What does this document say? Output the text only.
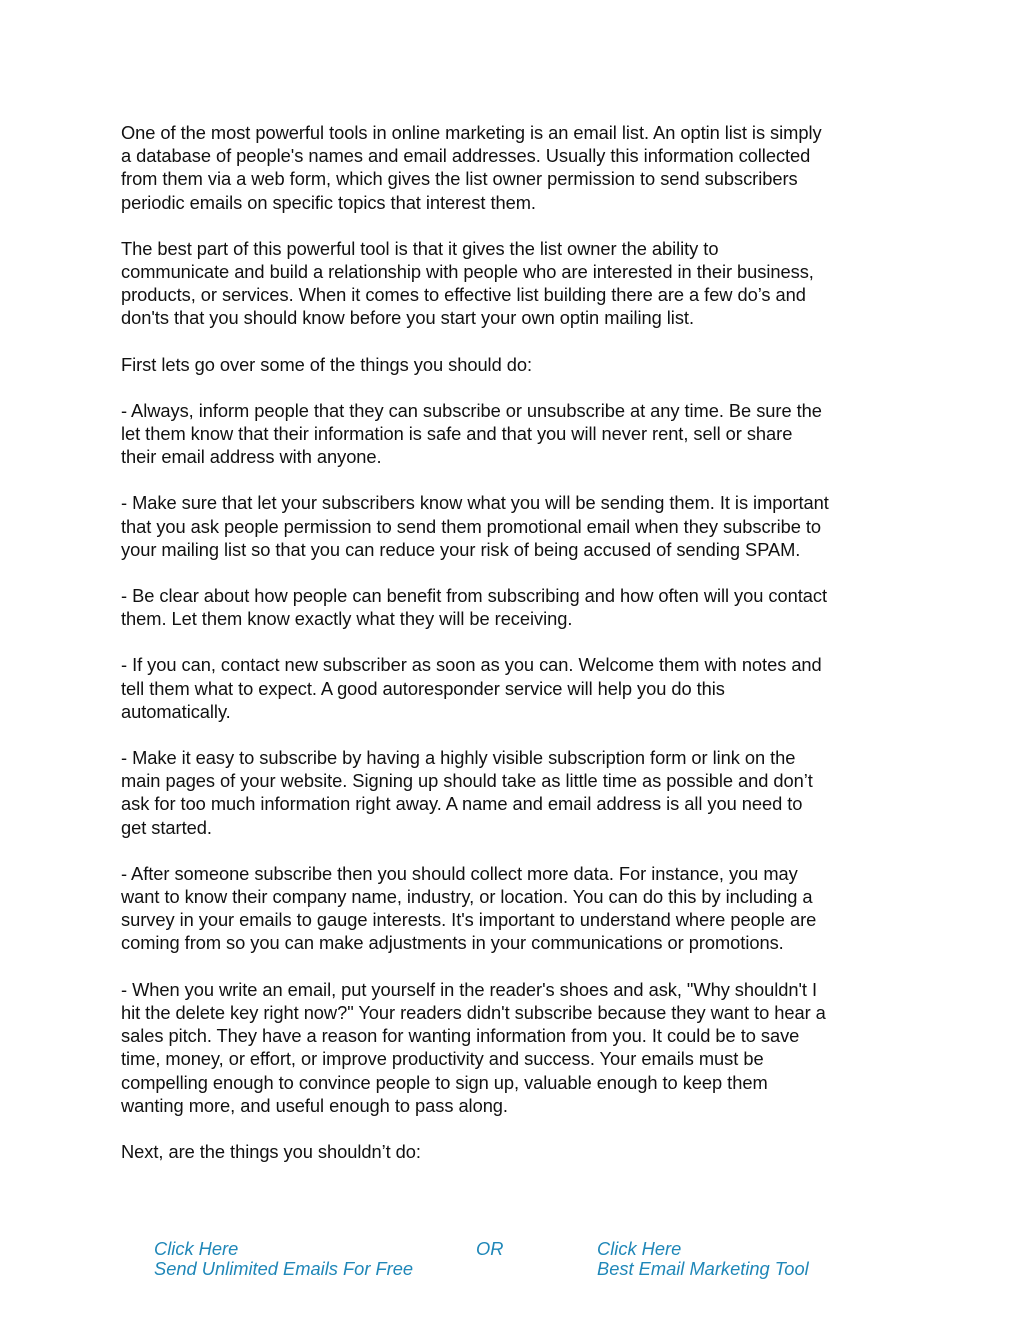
One of the most powerful tools in online marketing is an email list. An optin list is simply
a database of people's names and email addresses. Usually this information collected
from them via a web form, which gives the list owner permission to send subscribers
periodic emails on specific topics that interest them.

The best part of this powerful tool is that it gives the list owner the ability to
communicate and build a relationship with people who are interested in their business,
products, or services. When it comes to effective list building there are a few do’s and
don'ts that you should know before you start your own optin mailing list.

First lets go over some of the things you should do:

- Always, inform people that they can subscribe or unsubscribe at any time. Be sure the
let them know that their information is safe and that you will never rent, sell or share
their email address with anyone.

- Make sure that let your subscribers know what you will be sending them. It is important
that you ask people permission to send them promotional email when they subscribe to
your mailing list so that you can reduce your risk of being accused of sending SPAM.

- Be clear about how people can benefit from subscribing and how often will you contact
them. Let them know exactly what they will be receiving.

- If you can, contact new subscriber as soon as you can. Welcome them with notes and
tell them what to expect. A good autoresponder service will help you do this
automatically.

- Make it easy to subscribe by having a highly visible subscription form or link on the
main pages of your website. Signing up should take as little time as possible and don’t
ask for too much information right away. A name and email address is all you need to
get started.

- After someone subscribe then you should collect more data. For instance, you may
want to know their company name, industry, or location. You can do this by including a
survey in your emails to gauge interests. It's important to understand where people are
coming from so you can make adjustments in your communications or promotions.

- When you write an email, put yourself in the reader's shoes and ask, "Why shouldn't I
hit the delete key right now?" Your readers didn't subscribe because they want to hear a
sales pitch. They have a reason for wanting information from you. It could be to save
time, money, or effort, or improve productivity and success. Your emails must be
compelling enough to convince people to sign up, valuable enough to keep them
wanting more, and useful enough to pass along.

Next, are the things you shouldn’t do:

Click Here
Send Unlimited Emails For Free
OR	Click Here
Best Email Marketing Tool
